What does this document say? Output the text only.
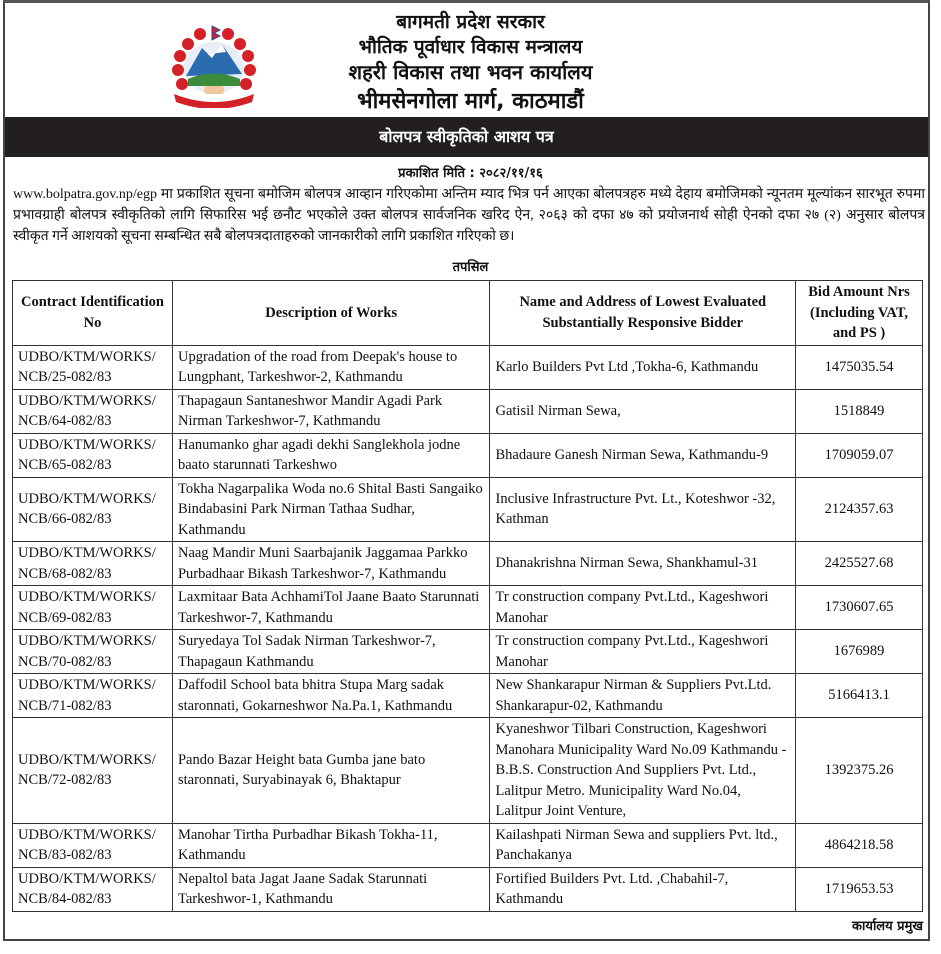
बागमती प्रदेश सरकार
भौतिक पूर्वाधार विकास मन्त्रालय
शहरी विकास तथा भवन कार्यालय
भीमसेनगोला मार्ग, काठमाडौं
बोलपत्र स्वीकृतिको आशय पत्र
प्रकाशित मिति : २०८२/११/१६
www.bolpatra.gov.np/egp मा प्रकाशित सूचना बमोजिम बोलपत्र आव्हान गरिएकोमा अन्तिम म्याद भित्र पर्न आएका बोलपत्रहरु मध्ये देहाय बमोजिमको न्यूनतम मूल्यांकन सारभूत रुपमा प्रभावग्राही बोलपत्र स्वीकृतिको लागि सिफारिस भई छनौट भएकोले उक्त बोलपत्र सार्वजनिक खरिद ऐन, २०६३ को दफा ४७ को प्रयोजनार्थ सोही ऐनको दफा २७ (२) अनुसार बोलपत्र स्वीकृत गर्ने आशयको सूचना सम्बन्धित सबै बोलपत्रदाताहरुको जानकारीको लागि प्रकाशित गरिएको छ।
तपसिल
Contract Identification No	Description of Works	Name and Address of Lowest Evaluated Substantially Responsive Bidder	Bid Amount Nrs (Including VAT, and PS )
UDBO/KTM/WORKS/NCB/25-082/83	Upgradation of the road from Deepak's house to Lungphant, Tarkeshwor-2, Kathmandu	Karlo Builders Pvt Ltd ,Tokha-6, Kathmandu	1475035.54
UDBO/KTM/WORKS/NCB/64-082/83	Thapagaun Santaneshwor Mandir Agadi Park Nirman Tarkeshwor-7, Kathmandu	Gatisil Nirman Sewa,	1518849
UDBO/KTM/WORKS/NCB/65-082/83	Hanumanko ghar agadi dekhi Sanglekhola jodne baato starunnati Tarkeshwo	Bhadaure Ganesh Nirman Sewa, Kathmandu-9	1709059.07
UDBO/KTM/WORKS/NCB/66-082/83	Tokha Nagarpalika Woda no.6 Shital Basti Sangaiko Bindabasini Park Nirman Tathaa Sudhar, Kathmandu	Inclusive Infrastructure Pvt. Lt., Koteshwor -32, Kathman	2124357.63
UDBO/KTM/WORKS/NCB/68-082/83	Naag Mandir Muni Saarbajanik Jaggamaa Parkko Purbadhaar Bikash Tarkeshwor-7, Kathmandu	Dhanakrishna Nirman Sewa, Shankhamul-31	2425527.68
UDBO/KTM/WORKS/NCB/69-082/83	Laxmitaar Bata AchhamiTol Jaane Baato Starunnati Tarkeshwor-7, Kathmandu	Tr construction company Pvt.Ltd., Kageshwori Manohar	1730607.65
UDBO/KTM/WORKS/NCB/70-082/83	Suryedaya Tol Sadak Nirman Tarkeshwor-7, Thapagaun Kathmandu	Tr construction company Pvt.Ltd., Kageshwori Manohar	1676989
UDBO/KTM/WORKS/NCB/71-082/83	Daffodil School bata bhitra Stupa Marg sadak staronnati, Gokarneshwor Na.Pa.1, Kathmandu	New Shankarapur Nirman & Suppliers Pvt.Ltd. Shankarapur-02, Kathmandu	5166413.1
UDBO/KTM/WORKS/NCB/72-082/83	Pando Bazar Height bata Gumba jane bato staronnati, Suryabinayak 6, Bhaktapur	Kyaneshwor Tilbari Construction, Kageshwori Manohara Municipality Ward No.09 Kathmandu -B.B.S. Construction And Suppliers Pvt. Ltd., Lalitpur Metro. Municipality Ward No.04, Lalitpur Joint Venture,	1392375.26
UDBO/KTM/WORKS/NCB/83-082/83	Manohar Tirtha Purbadhar Bikash Tokha-11, Kathmandu	Kailashpati Nirman Sewa and suppliers Pvt. ltd., Panchakanya	4864218.58
UDBO/KTM/WORKS/NCB/84-082/83	Nepaltol bata Jagat Jaane Sadak Starunnati Tarkeshwor-1, Kathmandu	Fortified Builders Pvt. Ltd. ,Chabahil-7, Kathmandu	1719653.53
कार्यालय प्रमुख
